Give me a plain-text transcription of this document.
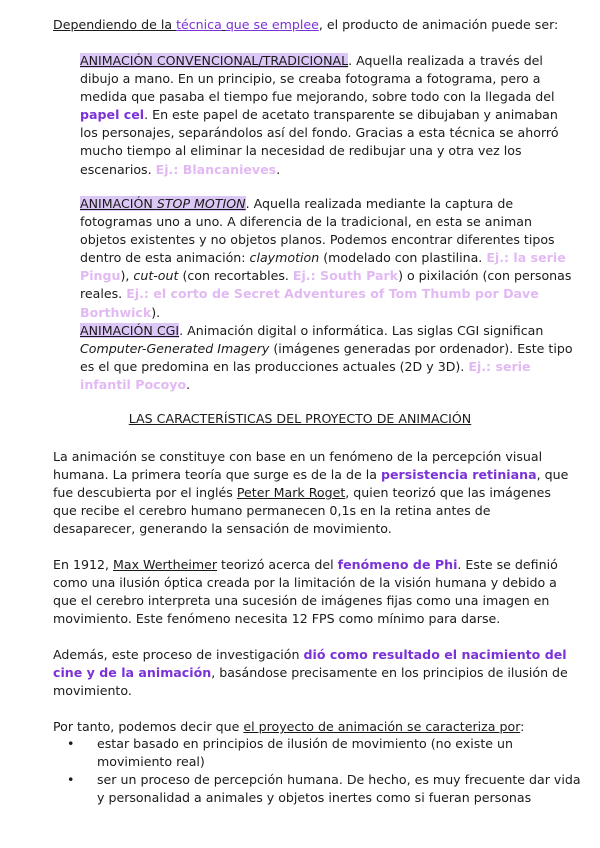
Dependiendo de la técnica que se emplee, el producto de animación puede ser:

ANIMACIÓN CONVENCIONAL/TRADICIONAL. Aquella realizada a través del dibujo a mano. En un principio, se creaba fotograma a fotograma, pero a medida que pasaba el tiempo fue mejorando, sobre todo con la llegada del papel cel. En este papel de acetato transparente se dibujaban y animaban los personajes, separándolos así del fondo. Gracias a esta técnica se ahorró mucho tiempo al eliminar la necesidad de redibujar una y otra vez los escenarios. Ej.: Blancanieves.

ANIMACIÓN STOP MOTION. Aquella realizada mediante la captura de fotogramas uno a uno. A diferencia de la tradicional, en esta se animan objetos existentes y no objetos planos. Podemos encontrar diferentes tipos dentro de esta animación: claymotion (modelado con plastilina. Ej.: la serie Pingu), cut-out (con recortables. Ej.: South Park) o pixilación (con personas reales. Ej.: el corto de Secret Adventures of Tom Thumb por Dave Borthwick).

ANIMACIÓN CGI. Animación digital o informática. Las siglas CGI significan Computer-Generated Imagery (imágenes generadas por ordenador). Este tipo es el que predomina en las producciones actuales (2D y 3D). Ej.: serie infantil Pocoyo.

LAS CARACTERÍSTICAS DEL PROYECTO DE ANIMACIÓN

La animación se constituye con base en un fenómeno de la percepción visual humana. La primera teoría que surge es de la de la persistencia retiniana, que fue descubierta por el inglés Peter Mark Roget, quien teorizó que las imágenes que recibe el cerebro humano permanecen 0,1s en la retina antes de desaparecer, generando la sensación de movimiento.

En 1912, Max Wertheimer teorizó acerca del fenómeno de Phi. Este se definió como una ilusión óptica creada por la limitación de la visión humana y debido a que el cerebro interpreta una sucesión de imágenes fijas como una imagen en movimiento. Este fenómeno necesita 12 FPS como mínimo para darse.

Además, este proceso de investigación dió como resultado el nacimiento del cine y de la animación, basándose precisamente en los principios de ilusión de movimiento.

Por tanto, podemos decir que el proyecto de animación se caracteriza por:

• estar basado en principios de ilusión de movimiento (no existe un movimiento real)
• ser un proceso de percepción humana. De hecho, es muy frecuente dar vida y personalidad a animales y objetos inertes como si fueran personas
